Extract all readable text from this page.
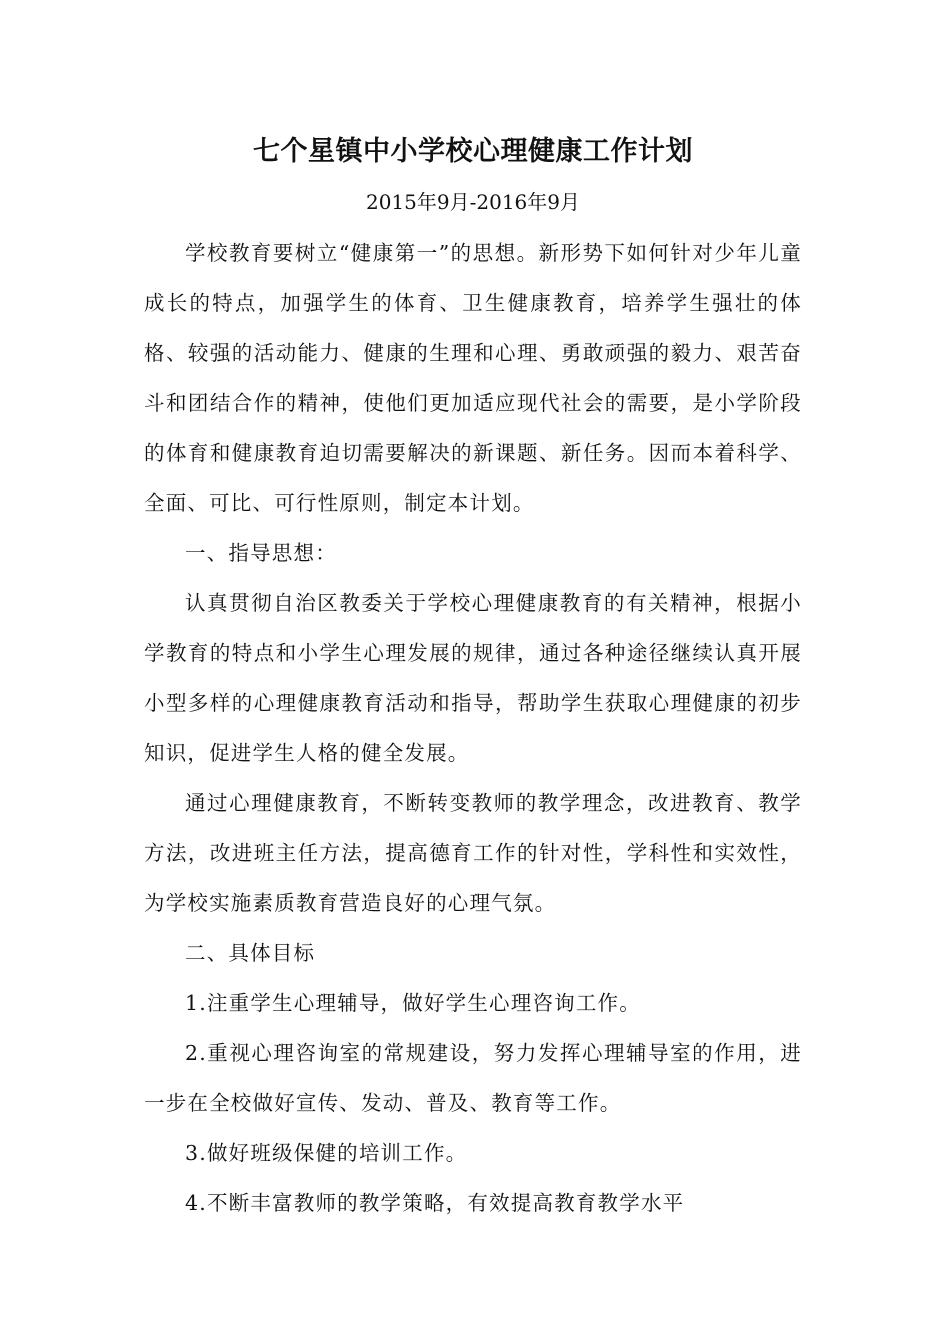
七个星镇中小学校心理健康工作计划
2015年9月-2016年9月

学校教育要树立“健康第一”的思想。新形势下如何针对少年儿童成长的特点，加强学生的体育、卫生健康教育，培养学生强壮的体格、较强的活动能力、健康的生理和心理、勇敢顽强的毅力、艰苦奋斗和团结合作的精神，使他们更加适应现代社会的需要，是小学阶段的体育和健康教育迫切需要解决的新课题、新任务。因而本着科学、全面、可比、可行性原则，制定本计划。

一、指导思想：

认真贯彻自治区教委关于学校心理健康教育的有关精神，根据小学教育的特点和小学生心理发展的规律，通过各种途径继续认真开展小型多样的心理健康教育活动和指导，帮助学生获取心理健康的初步知识，促进学生人格的健全发展。

通过心理健康教育，不断转变教师的教学理念，改进教育、教学方法，改进班主任方法，提高德育工作的针对性，学科性和实效性，为学校实施素质教育营造良好的心理气氛。

二、具体目标

1.注重学生心理辅导，做好学生心理咨询工作。

2.重视心理咨询室的常规建设，努力发挥心理辅导室的作用，进一步在全校做好宣传、发动、普及、教育等工作。

3.做好班级保健的培训工作。

4.不断丰富教师的教学策略，有效提高教育教学水平
